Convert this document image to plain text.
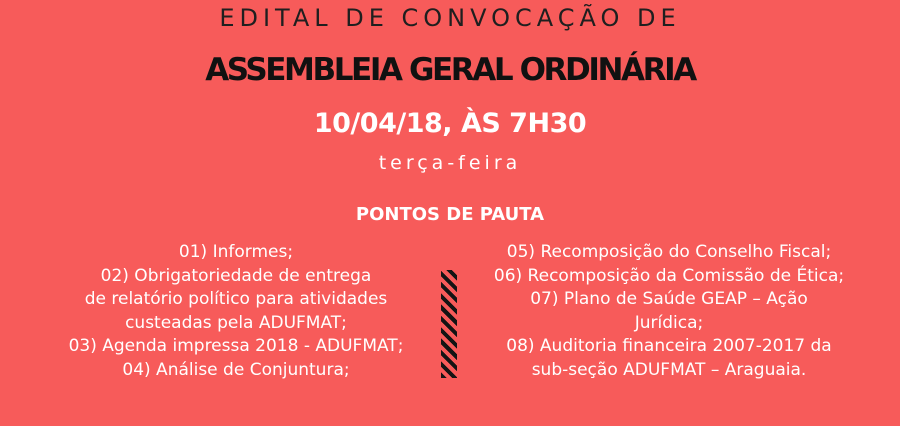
EDITAL DE CONVOCAÇÃO DE
ASSEMBLEIA GERAL ORDINÁRIA
10/04/18, ÀS 7H30
terça-feira
PONTOS DE PAUTA
01) Informes;
02) Obrigatoriedade de entrega
de relatório político para atividades
custeadas pela ADUFMAT;
03) Agenda impressa 2018 - ADUFMAT;
04) Análise de Conjuntura;
05) Recomposição do Conselho Fiscal;
06) Recomposição da Comissão de Ética;
07) Plano de Saúde GEAP – Ação
Jurídica;
08) Auditoria financeira 2007-2017 da
sub-seção ADUFMAT – Araguaia.
